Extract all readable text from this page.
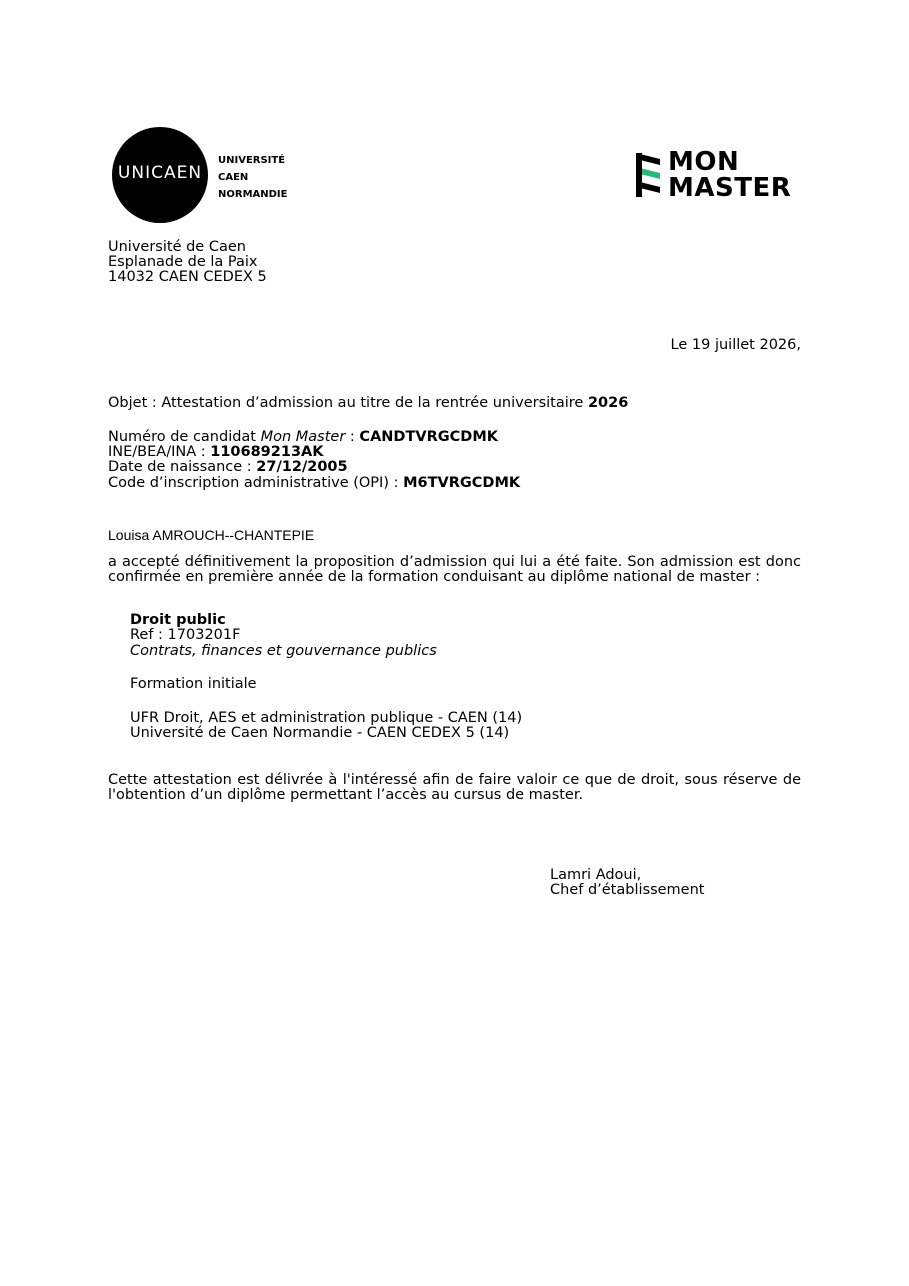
UNICAEN
UNIVERSITÉ
CAEN
NORMANDIE
MON
MASTER
Université de Caen
Esplanade de la Paix
14032 CAEN CEDEX 5
Le 19 juillet 2026,
Objet : Attestation d’admission au titre de la rentrée universitaire 2026
Numéro de candidat Mon Master : CANDTVRGCDMK
INE/BEA/INA : 110689213AK
Date de naissance : 27/12/2005
Code d’inscription administrative (OPI) : M6TVRGCDMK
Louisa AMROUCH--CHANTEPIE
a accepté définitivement la proposition d’admission qui lui a été faite. Son admission est donc confirmée en première année de la formation conduisant au diplôme national de master :
Droit public
Ref : 1703201F
Contrats, finances et gouvernance publics
Formation initiale
UFR Droit, AES et administration publique - CAEN (14)
Université de Caen Normandie - CAEN CEDEX 5 (14)
Cette attestation est délivrée à l'intéressé afin de faire valoir ce que de droit, sous réserve de l'obtention d’un diplôme permettant l’accès au cursus de master.
Lamri Adoui,
Chef d’établissement
